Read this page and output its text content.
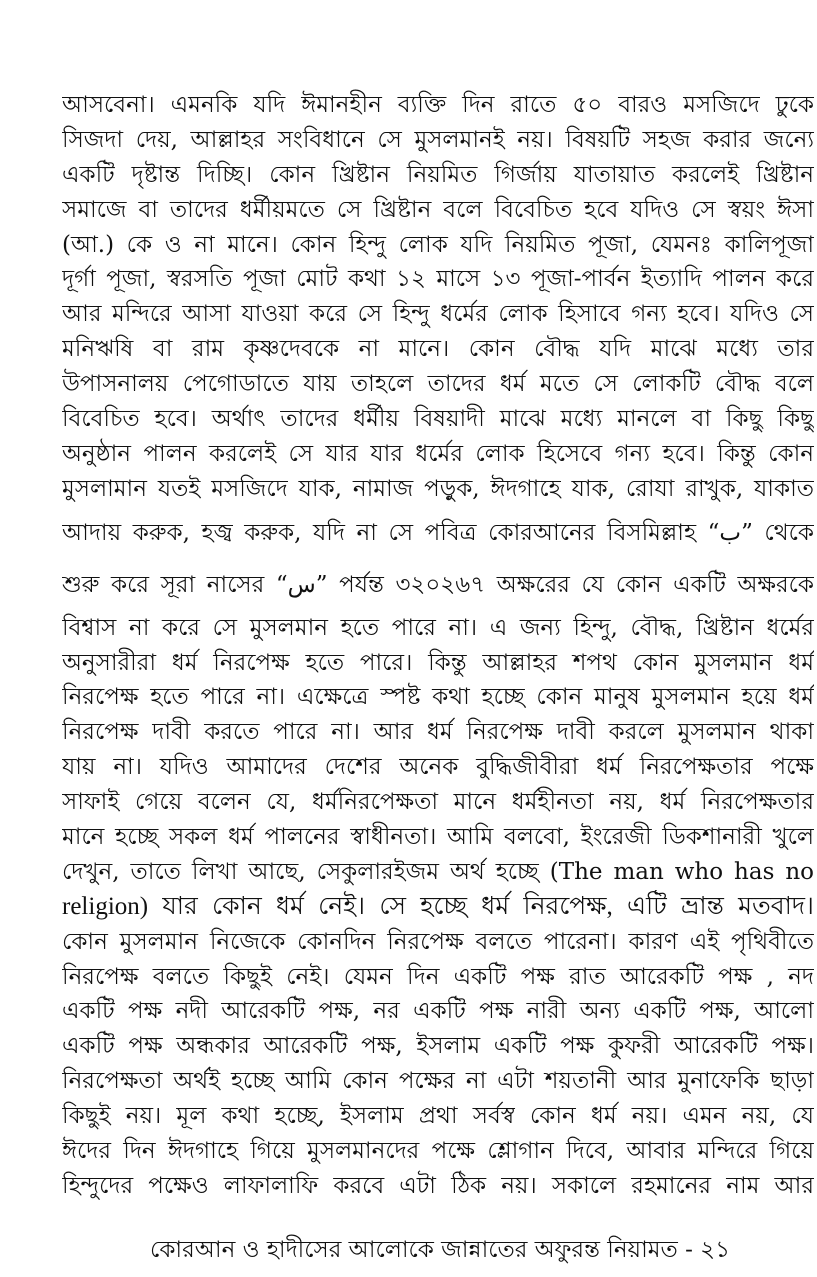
আসবেনা। এমনকি যদি ঈমানহীন ব্যক্তি দিন রাতে ৫০ বারও মসজিদে ঢুকে
সিজদা দেয়, আল্লাহর সংবিধানে সে মুসলমানই নয়। বিষয়টি সহজ করার জন্যে
একটি দৃষ্টান্ত দিচ্ছি। কোন খ্রিষ্টান নিয়মিত গির্জায় যাতায়াত করলেই খ্রিষ্টান
সমাজে বা তাদের ধর্মীয়মতে সে খ্রিষ্টান বলে বিবেচিত হবে যদিও সে স্বয়ং ঈসা
(আ.) কে ও না মানে। কোন হিন্দু লোক যদি নিয়মিত পূজা, যেমনঃ কালিপূজা
দূর্গা পূজা, স্বরসতি পূজা মোট কথা ১২ মাসে ১৩ পূজা-পার্বন ইত্যাদি পালন করে
আর মন্দিরে আসা যাওয়া করে সে হিন্দু ধর্মের লোক হিসাবে গন্য হবে। যদিও সে
মনিঋষি বা রাম কৃষ্ণদেবকে না মানে। কোন বৌদ্ধ যদি মাঝে মধ্যে তার
উপাসনালয় পেগোডাতে যায় তাহলে তাদের ধর্ম মতে সে লোকটি বৌদ্ধ বলে
বিবেচিত হবে। অর্থাৎ তাদের ধর্মীয় বিষয়াদী মাঝে মধ্যে মানলে বা কিছু কিছু
অনুষ্ঠান পালন করলেই সে যার যার ধর্মের লোক হিসেবে গন্য হবে। কিন্তু কোন
মুসলামান যতই মসজিদে যাক, নামাজ পড়ুক, ঈদগাহে যাক, রোযা রাখুক, যাকাত
আদায় করুক, হজ্ব করুক, যদি না সে পবিত্র কোরআনের বিসমিল্লাহ “ب” থেকে
শুরু করে সূরা নাসের “س” পর্যন্ত ৩২০২৬৭ অক্ষরের যে কোন একটি অক্ষরকে
বিশ্বাস না করে সে মুসলমান হতে পারে না। এ জন্য হিন্দু, বৌদ্ধ, খ্রিষ্টান ধর্মের
অনুসারীরা ধর্ম নিরপেক্ষ হতে পারে। কিন্তু আল্লাহর শপথ কোন মুসলমান ধর্ম
নিরপেক্ষ হতে পারে না। এক্ষেত্রে স্পষ্ট কথা হচ্ছে কোন মানুষ মুসলমান হয়ে ধর্ম
নিরপেক্ষ দাবী করতে পারে না। আর ধর্ম নিরপেক্ষ দাবী করলে মুসলমান থাকা
যায় না। যদিও আমাদের দেশের অনেক বুদ্ধিজীবীরা ধর্ম নিরপেক্ষতার পক্ষে
সাফাই গেয়ে বলেন যে, ধর্মনিরপেক্ষতা মানে ধর্মহীনতা নয়, ধর্ম নিরপেক্ষতার
মানে হচ্ছে সকল ধর্ম পালনের স্বাধীনতা। আমি বলবো, ইংরেজী ডিকশানারী খুলে
দেখুন, তাতে লিখা আছে, সেকুলারইজম অর্থ হচ্ছে (The man who has no
religion) যার কোন ধর্ম নেই। সে হচ্ছে ধর্ম নিরপেক্ষ, এটি ভ্রান্ত মতবাদ।
কোন মুসলমান নিজেকে কোনদিন নিরপেক্ষ বলতে পারেনা। কারণ এই পৃথিবীতে
নিরপেক্ষ বলতে কিছুই নেই। যেমন দিন একটি পক্ষ রাত আরেকটি পক্ষ , নদ
একটি পক্ষ নদী আরেকটি পক্ষ, নর একটি পক্ষ নারী অন্য একটি পক্ষ, আলো
একটি পক্ষ অন্ধকার আরেকটি পক্ষ, ইসলাম একটি পক্ষ কুফরী আরেকটি পক্ষ।
নিরপেক্ষতা অর্থই হচ্ছে আমি কোন পক্ষের না এটা শয়তানী আর মুনাফেকি ছাড়া
কিছুই নয়। মূল কথা হচ্ছে, ইসলাম প্রথা সর্বস্ব কোন ধর্ম নয়। এমন নয়, যে
ঈদের দিন ঈদগাহে গিয়ে মুসলমানদের পক্ষে শ্লোগান দিবে, আবার মন্দিরে গিয়ে
হিন্দুদের পক্ষেও লাফালাফি করবে এটা ঠিক নয়। সকালে রহমানের নাম আর
কোরআন ও হাদীসের আলোকে জান্নাতের অফুরন্ত নিয়ামত - ২১
